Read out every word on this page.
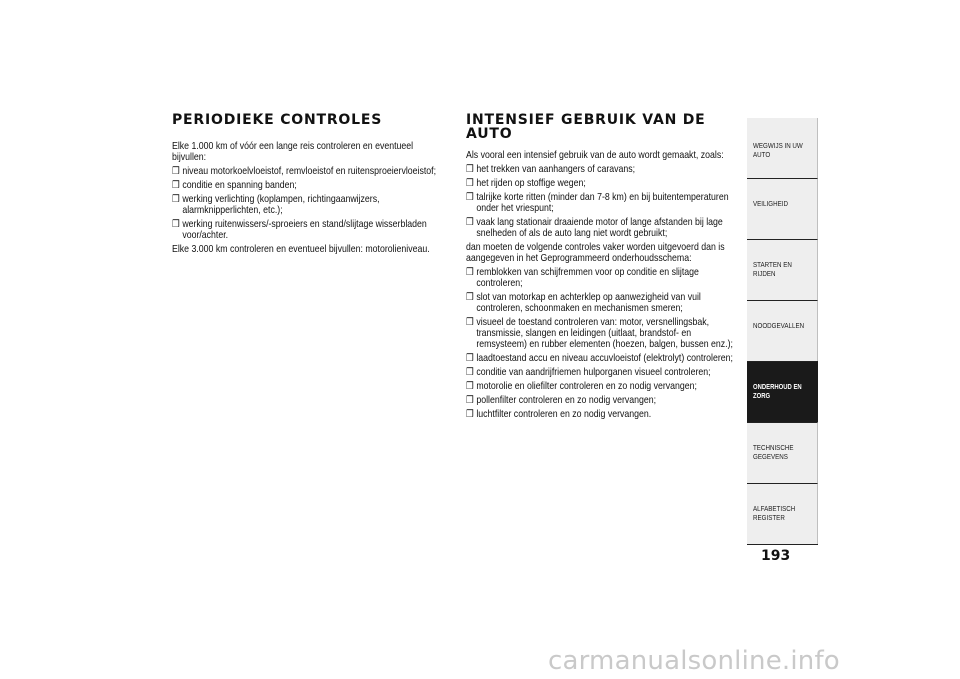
PERIODIEKE CONTROLES

Elke 1.000 km of vóór een lange reis controleren en eventueel bijvullen:

❒ niveau motorkoelvloeistof, remvloeistof en ruitensproeiervloeistof;
❒ conditie en spanning banden;
❒ werking verlichting (koplampen, richtingaanwijzers, alarmknipperlichten, etc.);
❒ werking ruitenwissers/-sproeiers en stand/slijtage wisserbladen voor/achter.

Elke 3.000 km controleren en eventueel bijvullen: motorolieniveau.

INTENSIEF GEBRUIK VAN DE AUTO

Als vooral een intensief gebruik van de auto wordt gemaakt, zoals:

❒ het trekken van aanhangers of caravans;
❒ het rijden op stoffige wegen;
❒ talrijke korte ritten (minder dan 7-8 km) en bij buitentemperaturen onder het vriespunt;
❒ vaak lang stationair draaiende motor of lange afstanden bij lage snelheden of als de auto lang niet wordt gebruikt;

dan moeten de volgende controles vaker worden uitgevoerd dan is aangegeven in het Geprogrammeerd onderhoudsschema:

❒ remblokken van schijfremmen voor op conditie en slijtage controleren;
❒ slot van motorkap en achterklep op aanwezigheid van vuil controleren, schoonmaken en mechanismen smeren;
❒ visueel de toestand controleren van: motor, versnellingsbak, transmissie, slangen en leidingen (uitlaat, brandstof- en remsysteem) en rubber elementen (hoezen, balgen, bussen enz.);
❒ laadtoestand accu en niveau accuvloeistof (elektrolyt) controleren;
❒ conditie van aandrijfriemen hulporganen visueel controleren;
❒ motorolie en oliefilter controleren en zo nodig vervangen;
❒ pollenfilter controleren en zo nodig vervangen;
❒ luchtfilter controleren en zo nodig vervangen.
WEGWIJS IN UW AUTO
VEILIGHEID
STARTEN EN RIJDEN
NOODGEVALLEN
ONDERHOUD EN ZORG
TECHNISCHE GEGEVENS
ALFABETISCH REGISTER
193
carmanualsonline.info
